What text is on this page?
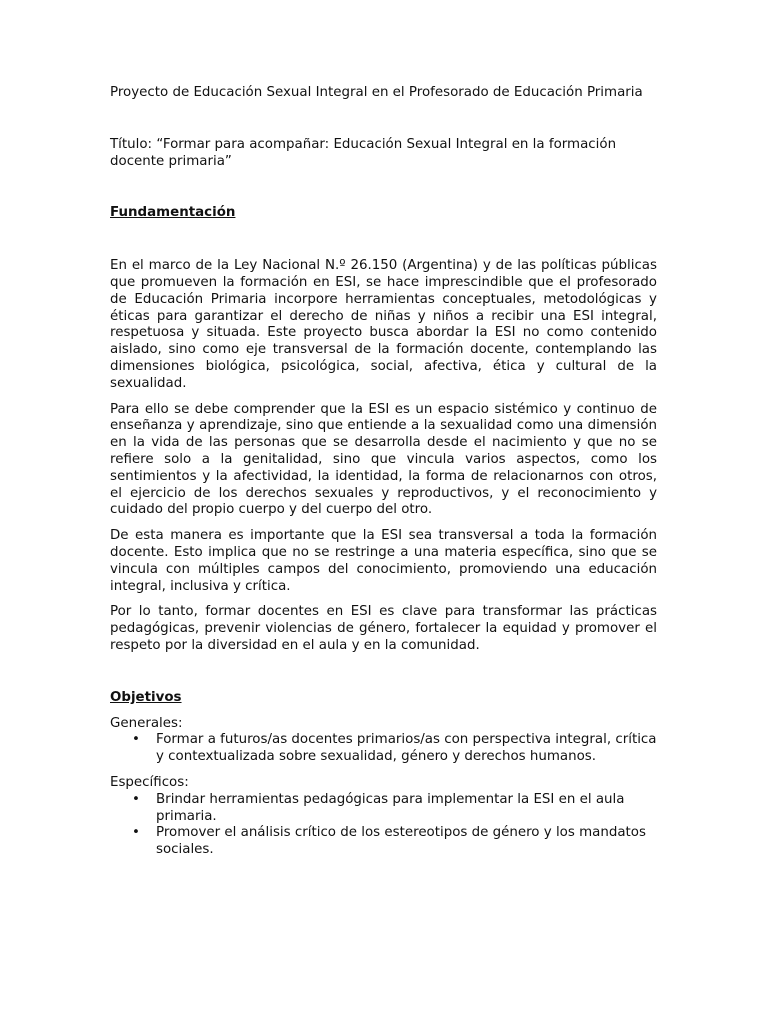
Proyecto de Educación Sexual Integral en el Profesorado de Educación Primaria

Título: “Formar para acompañar: Educación Sexual Integral en la formación docente primaria”

Fundamentación

En el marco de la Ley Nacional N.º 26.150 (Argentina) y de las políticas públicas que promueven la formación en ESI, se hace imprescindible que el profesorado de Educación Primaria incorpore herramientas conceptuales, metodológicas y éticas para garantizar el derecho de niñas y niños a recibir una ESI integral, respetuosa y situada. Este proyecto busca abordar la ESI no como contenido aislado, sino como eje transversal de la formación docente, contemplando las dimensiones biológica, psicológica, social, afectiva, ética y cultural de la sexualidad.

Para ello se debe comprender que la ESI es un espacio sistémico y continuo de enseñanza y aprendizaje, sino que entiende a la sexualidad como una dimensión en la vida de las personas que se desarrolla desde el nacimiento y que no se refiere solo a la genitalidad, sino que vincula varios aspectos, como los sentimientos y la afectividad, la identidad, la forma de relacionarnos con otros, el ejercicio de los derechos sexuales y reproductivos, y el reconocimiento y cuidado del propio cuerpo y del cuerpo del otro.

De esta manera es importante que la ESI sea transversal a toda la formación docente. Esto implica que no se restringe a una materia específica, sino que se vincula con múltiples campos del conocimiento, promoviendo una educación integral, inclusiva y crítica.

Por lo tanto, formar docentes en ESI es clave para transformar las prácticas pedagógicas, prevenir violencias de género, fortalecer la equidad y promover el respeto por la diversidad en el aula y en la comunidad.

Objetivos

Generales:

• Formar a futuros/as docentes primarios/as con perspectiva integral, crítica y contextualizada sobre sexualidad, género y derechos humanos.

Específicos:

• Brindar herramientas pedagógicas para implementar la ESI en el aula primaria.
• Promover el análisis crítico de los estereotipos de género y los mandatos sociales.
